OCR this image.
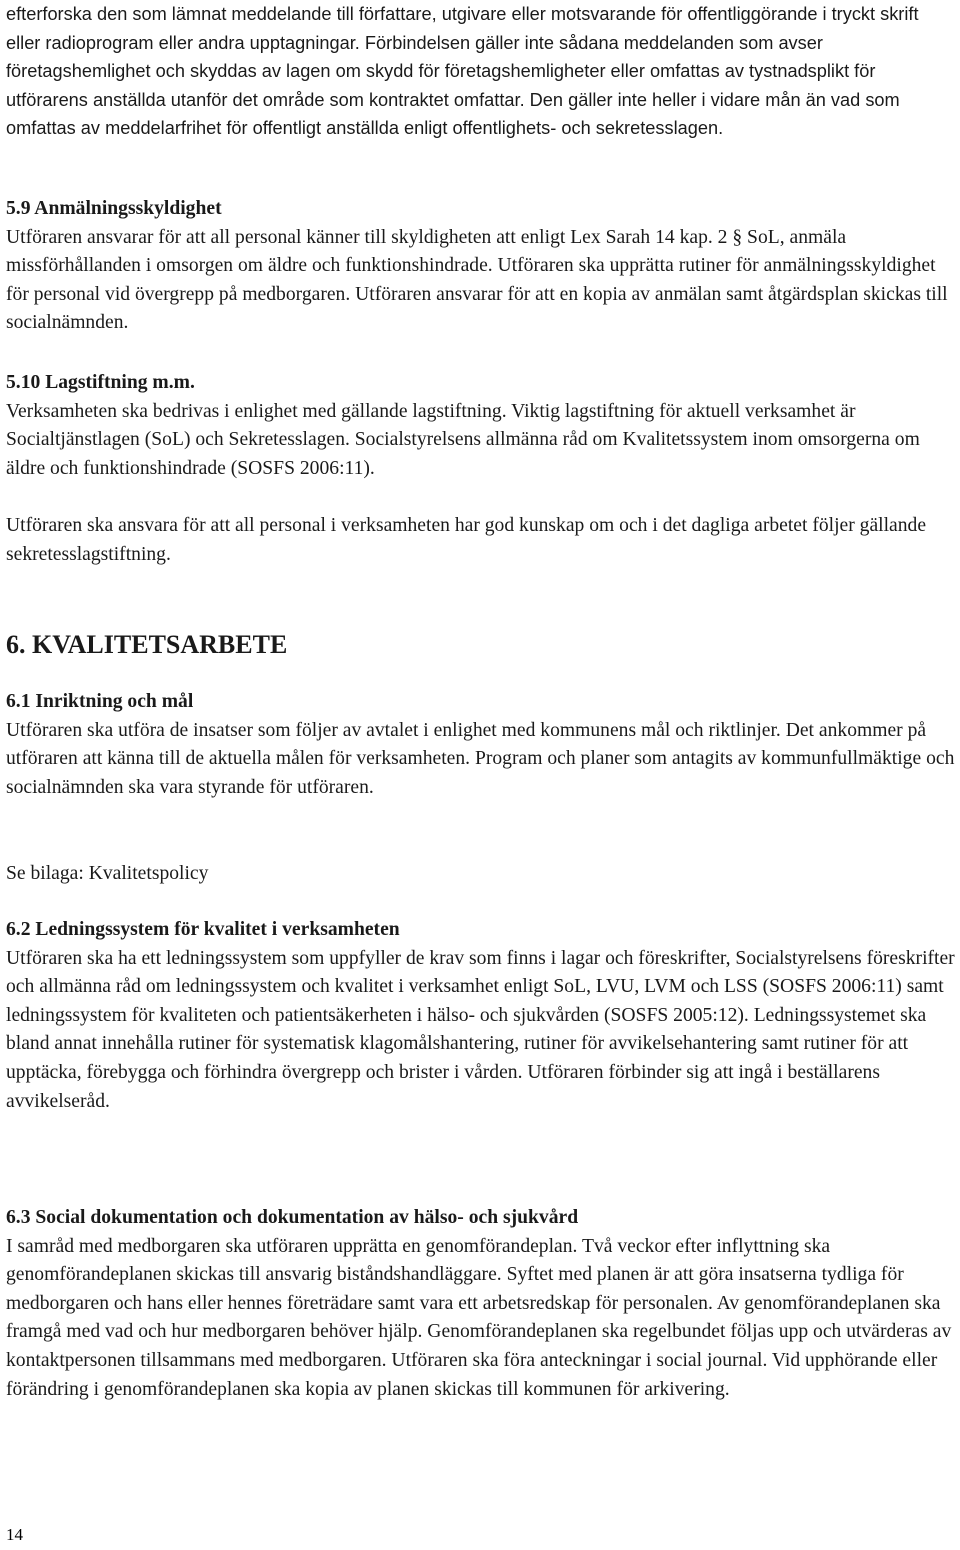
efterforska den som lämnat meddelande till författare, utgivare eller motsvarande för offentliggörande i tryckt skrift eller radioprogram eller andra upptagningar. Förbindelsen gäller inte sådana meddelanden som avser företagshemlighet och skyddas av lagen om skydd för företagshemligheter eller omfattas av tystnadsplikt för utförarens anställda utanför det område som kontraktet omfattar. Den gäller inte heller i vidare mån än vad som omfattas av meddelarfrihet för offentligt anställda enligt offentlighets- och sekretesslagen.

5.9 Anmälningsskyldighet

Utföraren ansvarar för att all personal känner till skyldigheten att enligt Lex Sarah 14 kap. 2 § SoL, anmäla missförhållanden i omsorgen om äldre och funktionshindrade. Utföraren ska upprätta rutiner för anmälningsskyldighet för personal vid övergrepp på medborgaren. Utföraren ansvarar för att en kopia av anmälan samt åtgärdsplan skickas till socialnämnden.

5.10 Lagstiftning m.m.

Verksamheten ska bedrivas i enlighet med gällande lagstiftning. Viktig lagstiftning för aktuell verksamhet är Socialtjänstlagen (SoL) och Sekretesslagen. Socialstyrelsens allmänna råd om Kvalitetssystem inom omsorgerna om äldre och funktionshindrade (SOSFS 2006:11).

Utföraren ska ansvara för att all personal i verksamheten har god kunskap om och i det dagliga arbetet följer gällande sekretesslagstiftning.

6. KVALITETSARBETE

6.1 Inriktning och mål

Utföraren ska utföra de insatser som följer av avtalet i enlighet med kommunens mål och riktlinjer. Det ankommer på utföraren att känna till de aktuella målen för verksamheten. Program och planer som antagits av kommunfullmäktige och socialnämnden ska vara styrande för utföraren.

Se bilaga: Kvalitetspolicy

6.2 Ledningssystem för kvalitet i verksamheten

Utföraren ska ha ett ledningssystem som uppfyller de krav som finns i lagar och föreskrifter, Socialstyrelsens föreskrifter och allmänna råd om ledningssystem och kvalitet i verksamhet enligt SoL, LVU, LVM och LSS (SOSFS 2006:11) samt ledningssystem för kvaliteten och patientsäkerheten i hälso- och sjukvården (SOSFS 2005:12). Ledningssystemet ska bland annat innehålla rutiner för systematisk klagomålshantering, rutiner för avvikelsehantering samt rutiner för att upptäcka, förebygga och förhindra övergrepp och brister i vården. Utföraren förbinder sig att ingå i beställarens avvikelseråd.

6.3 Social dokumentation och dokumentation av hälso- och sjukvård

I samråd med medborgaren ska utföraren upprätta en genomförandeplan. Två veckor efter inflyttning ska genomförandeplanen skickas till ansvarig biståndshandläggare. Syftet med planen är att göra insatserna tydliga för medborgaren och hans eller hennes företrädare samt vara ett arbetsredskap för personalen. Av genomförandeplanen ska framgå med vad och hur medborgaren behöver hjälp. Genomförandeplanen ska regelbundet följas upp och utvärderas av kontaktpersonen tillsammans med medborgaren. Utföraren ska föra anteckningar i social journal. Vid upphörande eller förändring i genomförandeplanen ska kopia av planen skickas till kommunen för arkivering.

14
